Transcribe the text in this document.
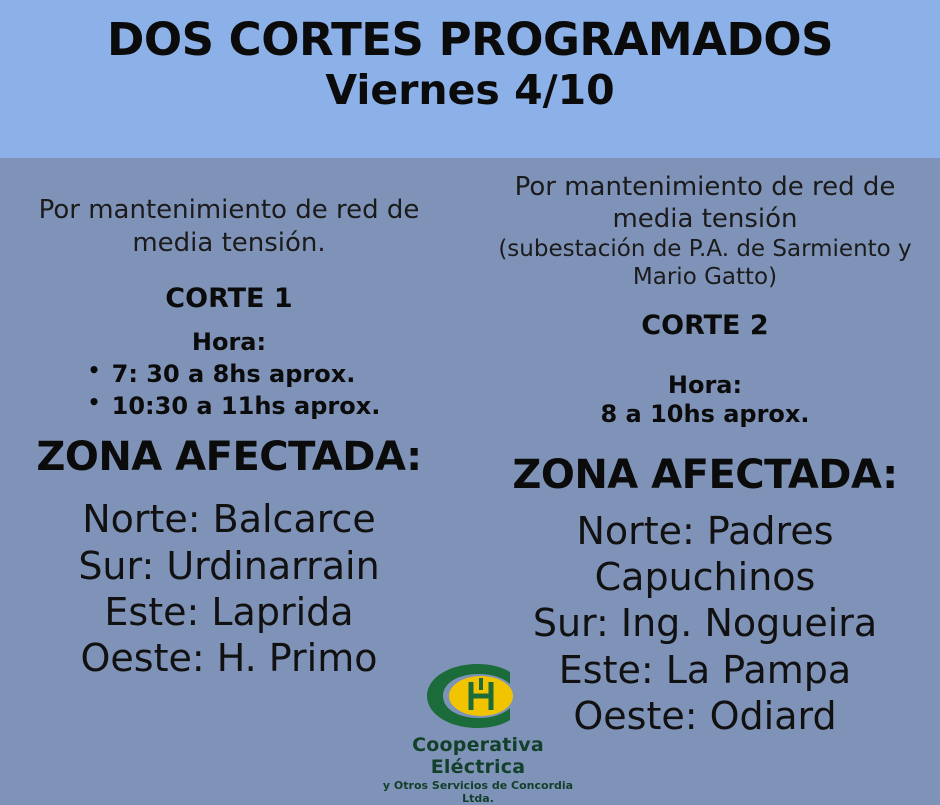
DOS CORTES PROGRAMADOS
Viernes 4/10
Por mantenimiento de red de media tensión.
CORTE 1
Hora:
• 7: 30 a 8hs aprox.
• 10:30 a 11hs aprox.
ZONA AFECTADA:
Norte: Balcarce
Sur: Urdinarrain
Este: Laprida
Oeste: H. Primo
Por mantenimiento de red de media tensión
(subestación de P.A. de Sarmiento y Mario Gatto)
CORTE 2
Hora:
8 a 10hs aprox.
ZONA AFECTADA:
Norte: Padres Capuchinos
Sur: Ing. Nogueira
Este: La Pampa
Oeste: Odiard
Cooperativa Eléctrica
y Otros Servicios de Concordia Ltda.
